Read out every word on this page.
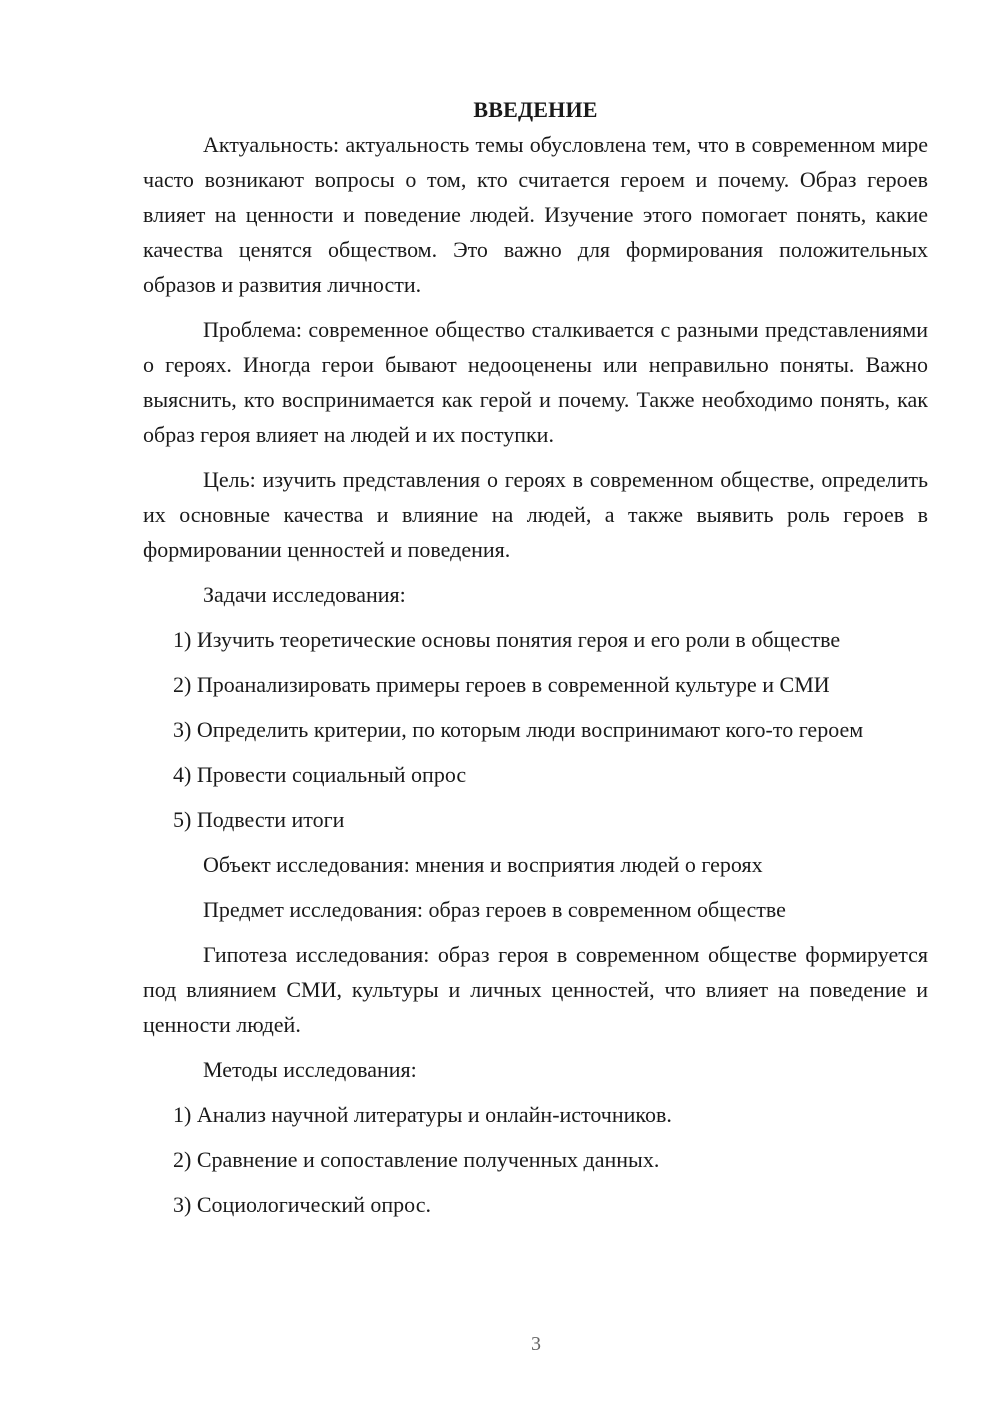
ВВЕДЕНИЕ

Актуальность: актуальность темы обусловлена тем, что в современном мире часто возникают вопросы о том, кто считается героем и почему. Образ героев влияет на ценности и поведение людей. Изучение этого помогает понять, какие качества ценятся обществом. Это важно для формирования положительных образов и развития личности.

Проблема: современное общество сталкивается с разными представлениями о героях. Иногда герои бывают недооценены или неправильно поняты. Важно выяснить, кто воспринимается как герой и почему. Также необходимо понять, как образ героя влияет на людей и их поступки.

Цель: изучить представления о героях в современном обществе, определить их основные качества и влияние на людей, а также выявить роль героев в формировании ценностей и поведения.

Задачи исследования:

1) Изучить теоретические основы понятия героя и его роли в обществе

2) Проанализировать примеры героев в современной культуре и СМИ

3) Определить критерии, по которым люди воспринимают кого-то героем

4) Провести социальный опрос

5) Подвести итоги

Объект исследования: мнения и восприятия людей о героях

Предмет исследования: образ героев в современном обществе

Гипотеза исследования: образ героя в современном обществе формируется под влиянием СМИ, культуры и личных ценностей, что влияет на поведение и ценности людей.

Методы исследования:

1) Анализ научной литературы и онлайн-источников.

2) Сравнение и сопоставление полученных данных.

3) Социологический опрос.

3
